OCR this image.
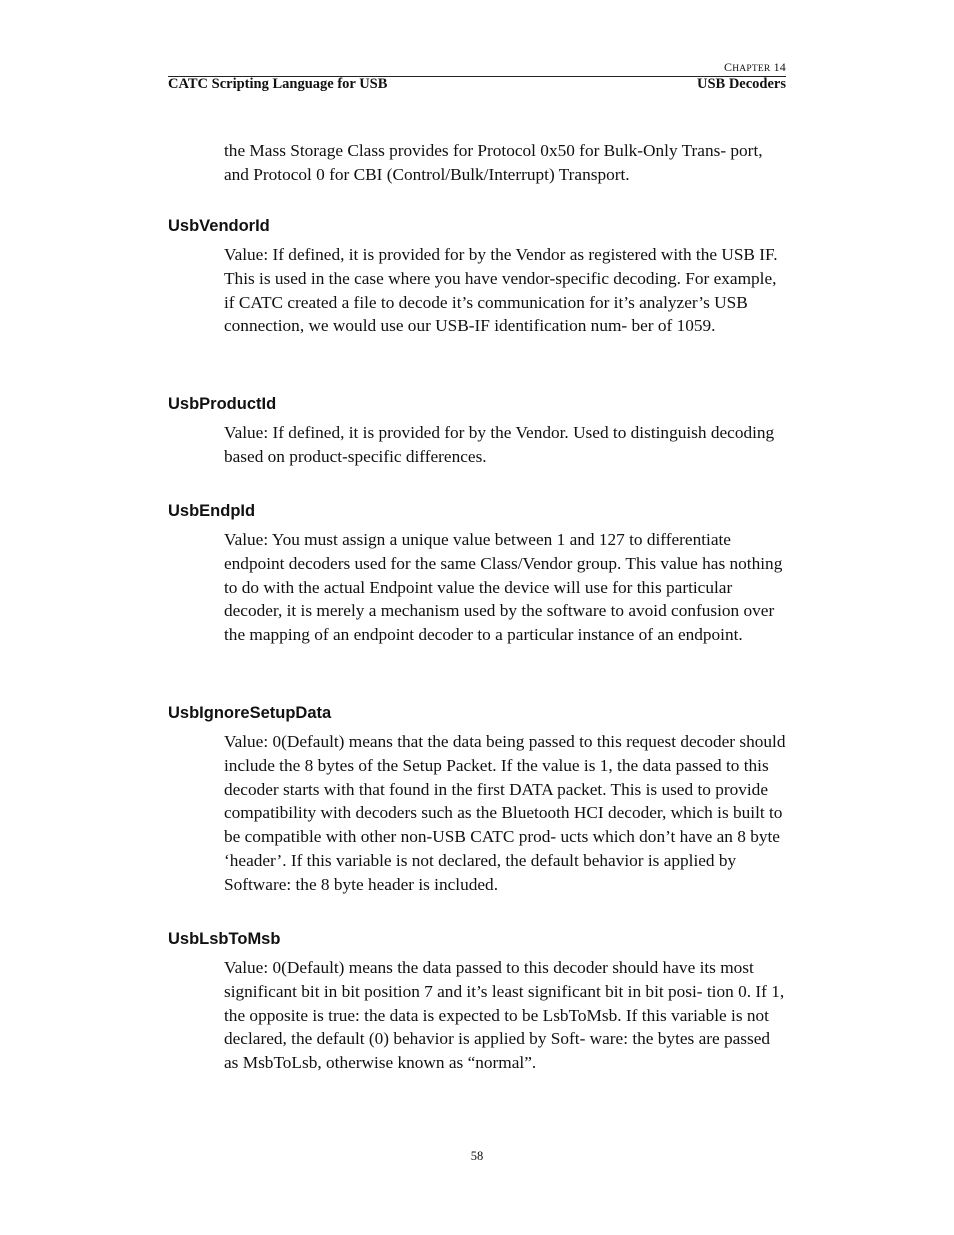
CHAPTER 14
CATC Scripting Language for USB	USB Decoders

the Mass Storage Class provides for Protocol 0x50 for Bulk-Only Trans- port, and Protocol 0 for CBI (Control/Bulk/Interrupt) Transport.

UsbVendorId

Value: If defined, it is provided for by the Vendor as registered with the USB IF. This is used in the case where you have vendor-specific decoding. For example, if CATC created a file to decode it’s communication for it’s analyzer’s USB connection, we would use our USB-IF identification num- ber of 1059.

UsbProductId

Value: If defined, it is provided for by the Vendor. Used to distinguish decoding based on product-specific differences.

UsbEndpId

Value: You must assign a unique value between 1 and 127 to differentiate endpoint decoders used for the same Class/Vendor group. This value has nothing to do with the actual Endpoint value the device will use for this particular decoder, it is merely a mechanism used by the software to avoid confusion over the mapping of an endpoint decoder to a particular instance of an endpoint.

UsbIgnoreSetupData

Value: 0(Default) means that the data being passed to this request decoder should include the 8 bytes of the Setup Packet. If the value is 1, the data passed to this decoder starts with that found in the first DATA packet. This is used to provide compatibility with decoders such as the Bluetooth HCI decoder, which is built to be compatible with other non-USB CATC prod- ucts which don’t have an 8 byte ‘header’. If this variable is not declared, the default behavior is applied by Software: the 8 byte header is included.

UsbLsbToMsb

Value: 0(Default) means the data passed to this decoder should have its most significant bit in bit position 7 and it’s least significant bit in bit posi- tion 0. If 1, the opposite is true: the data is expected to be LsbToMsb. If this variable is not declared, the default (0) behavior is applied by Soft- ware: the bytes are passed as MsbToLsb, otherwise known as “normal”.

58
